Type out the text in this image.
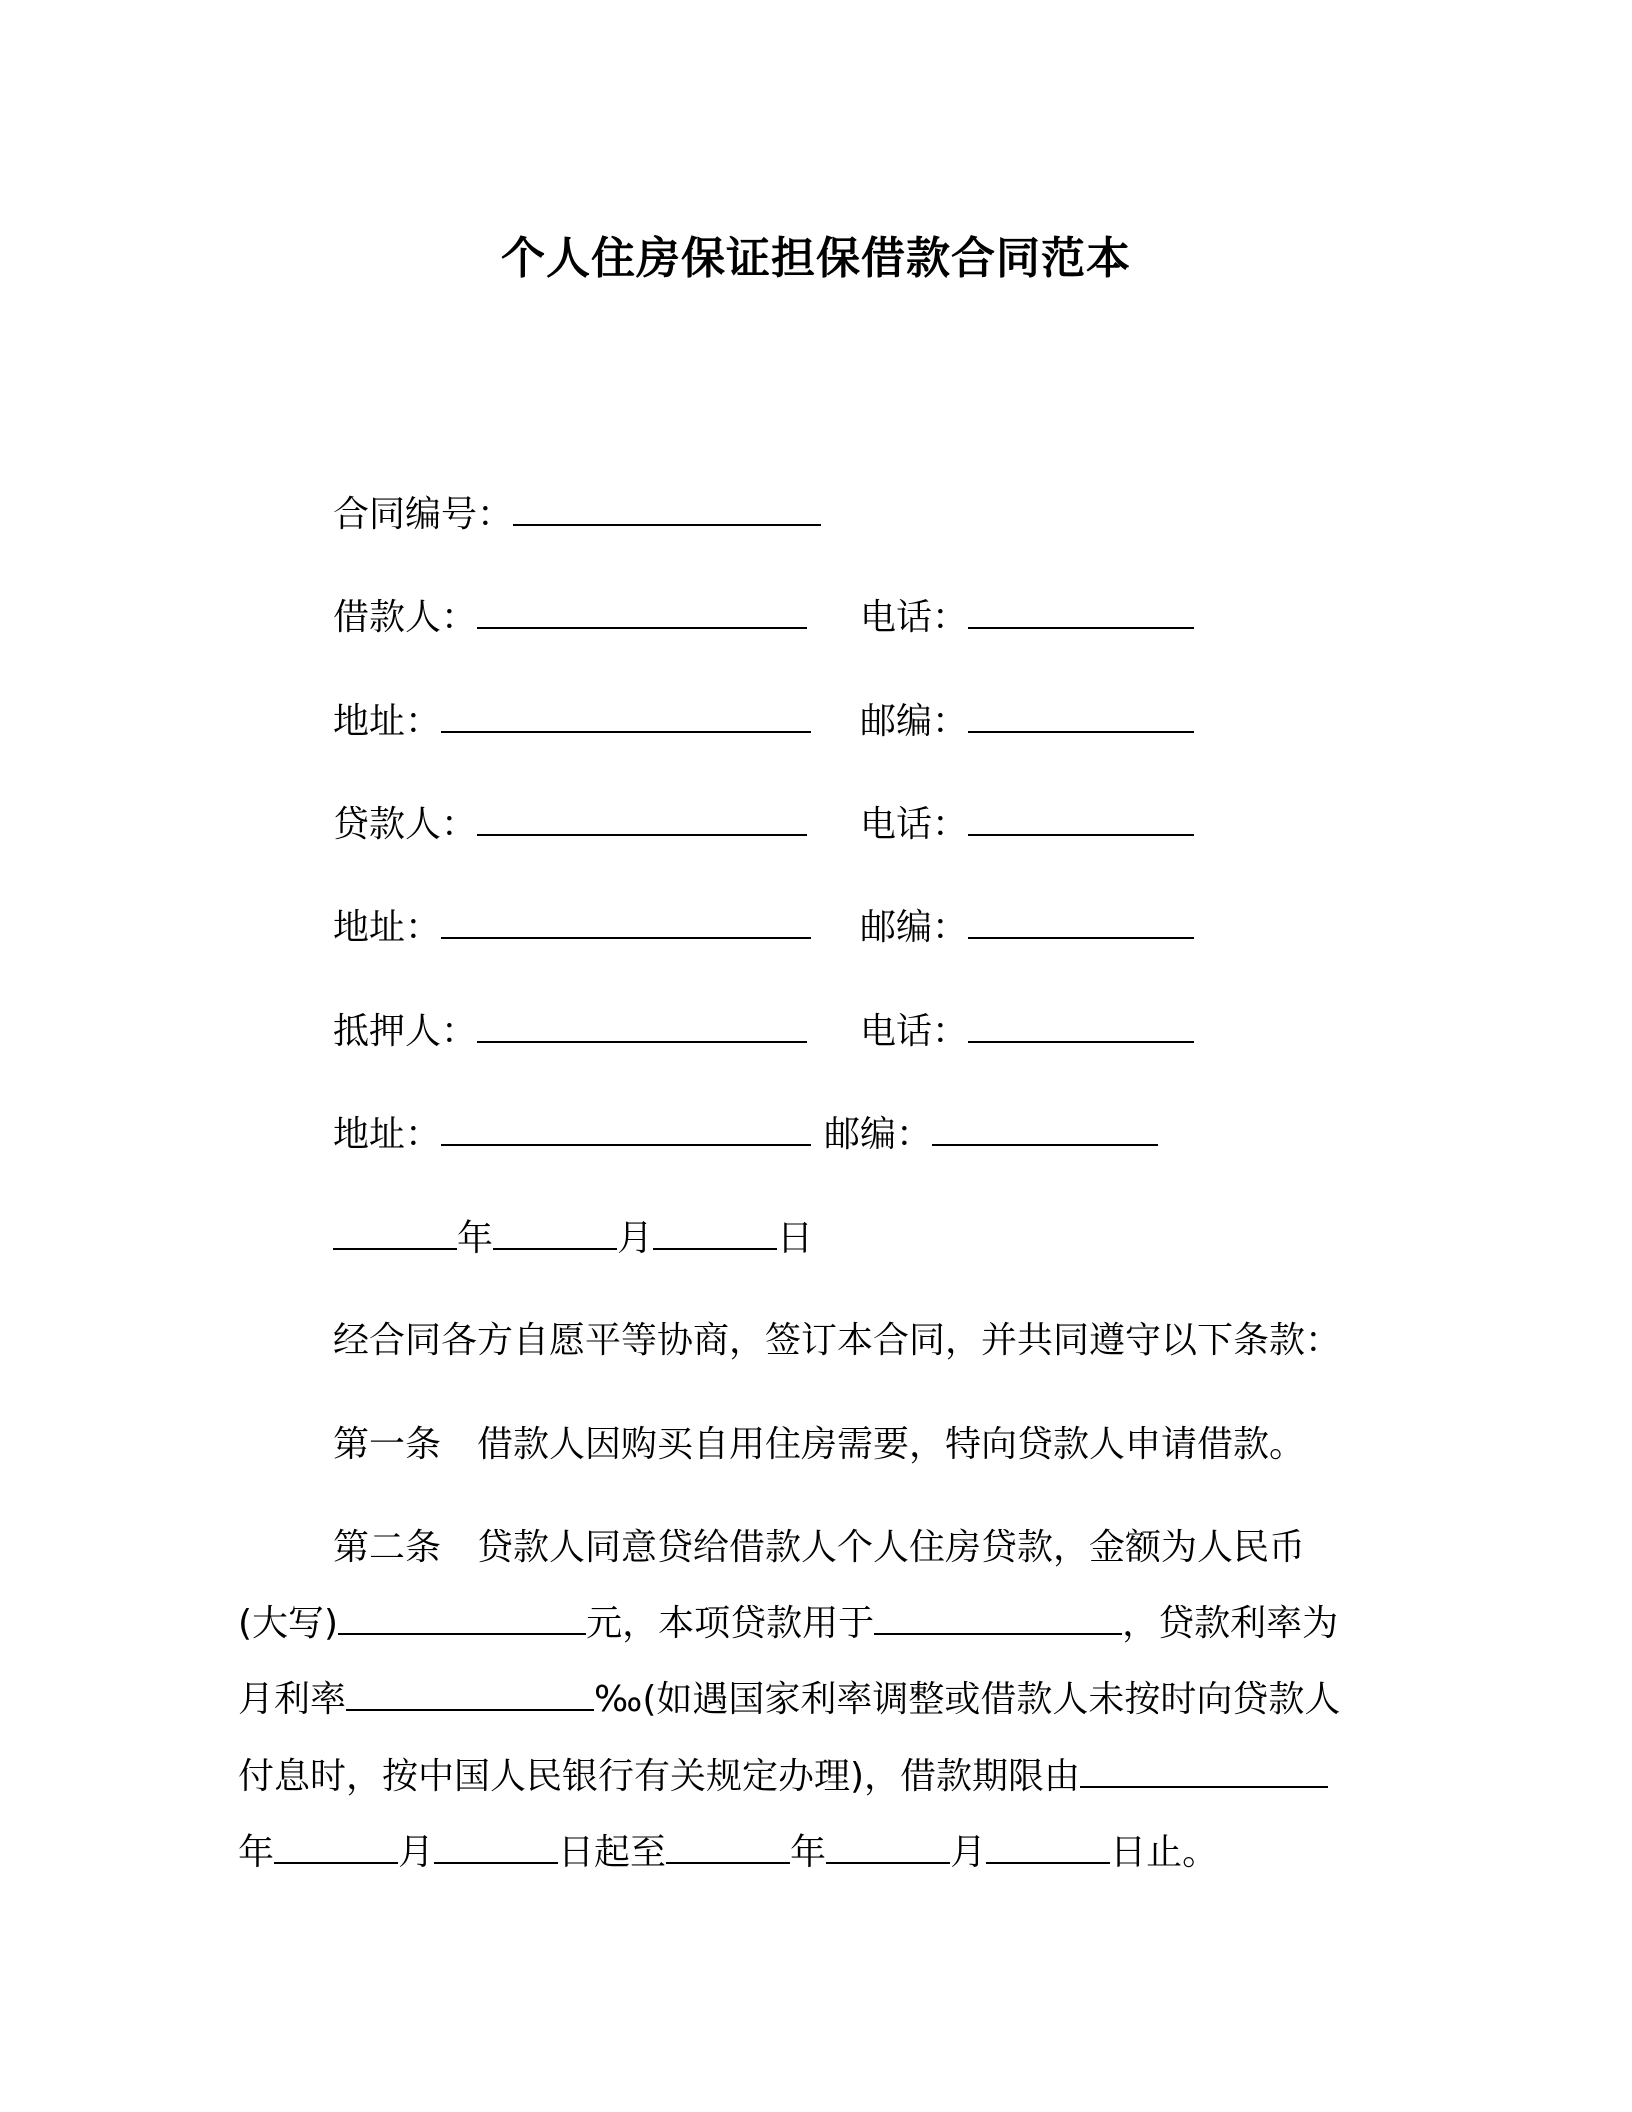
个人住房保证担保借款合同范本
合同编号：
借款人：	电话：
地址：	邮编：
贷款人：	电话：
地址：	邮编：
抵押人：	电话：
地址：	邮编：
年	月	日
经合同各方自愿平等协商，签订本合同，并共同遵守以下条款：
第一条　借款人因购买自用住房需要，特向贷款人申请借款。
第二条　贷款人同意贷给借款人个人住房贷款，金额为人民币
(大写)	元，本项贷款用于	，贷款利率为
月利率	‰(如遇国家利率调整或借款人未按时向贷款人
付息时，按中国人民银行有关规定办理)，借款期限由
年	月	日起至	年	月	日止。
